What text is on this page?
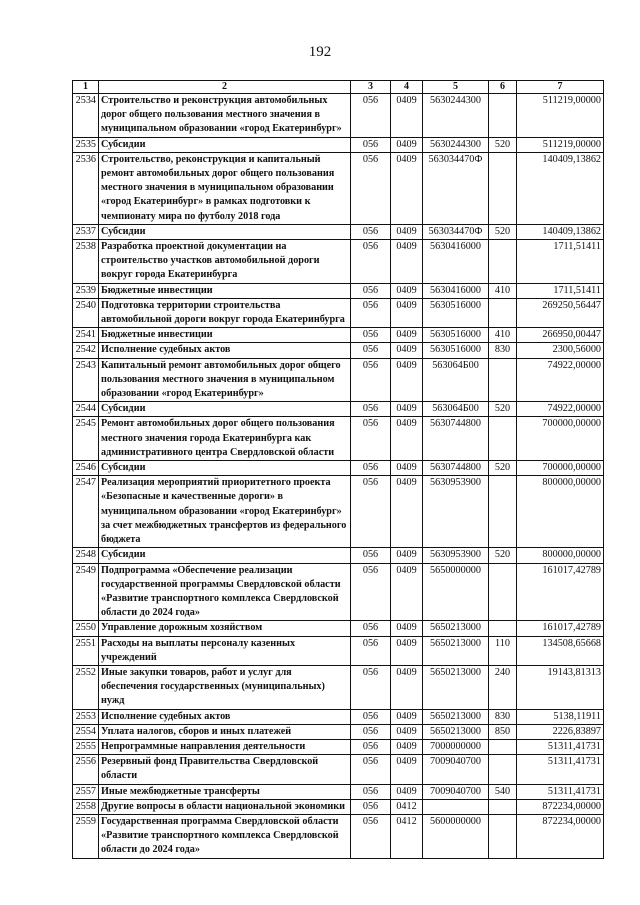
192
1	2	3	4	5	6	7
2534	Строительство и реконструкция автомобильных дорог общего пользования местного значения в муниципальном образовании «город Екатеринбург»	056	0409	5630244300		511219,00000
2535	Субсидии	056	0409	5630244300	520	511219,00000
2536	Строительство, реконструкция и капитальный ремонт автомобильных дорог общего пользования местного значения в муниципальном образовании «город Екатеринбург» в рамках подготовки к чемпионату мира по футболу 2018 года	056	0409	563034470Ф		140409,13862
2537	Субсидии	056	0409	563034470Ф	520	140409,13862
2538	Разработка проектной документации на строительство участков автомобильной дороги вокруг города Екатеринбурга	056	0409	5630416000		1711,51411
2539	Бюджетные инвестиции	056	0409	5630416000	410	1711,51411
2540	Подготовка территории строительства автомобильной дороги вокруг города Екатеринбурга	056	0409	5630516000		269250,56447
2541	Бюджетные инвестиции	056	0409	5630516000	410	266950,00447
2542	Исполнение судебных актов	056	0409	5630516000	830	2300,56000
2543	Капитальный ремонт автомобильных дорог общего пользования местного значения в муниципальном образовании «город Екатеринбург»	056	0409	563064Б00		74922,00000
2544	Субсидии	056	0409	563064Б00	520	74922,00000
2545	Ремонт автомобильных дорог общего пользования местного значения города Екатеринбурга как административного центра Свердловской области	056	0409	5630744800		700000,00000
2546	Субсидии	056	0409	5630744800	520	700000,00000
2547	Реализация мероприятий приоритетного проекта «Безопасные и качественные дороги» в муниципальном образовании «город Екатеринбург» за счет межбюджетных трансфертов из федерального бюджета	056	0409	5630953900		800000,00000
2548	Субсидии	056	0409	5630953900	520	800000,00000
2549	Подпрограмма «Обеспечение реализации государственной программы Свердловской области «Развитие транспортного комплекса Свердловской области до 2024 года»	056	0409	5650000000		161017,42789
2550	Управление дорожным хозяйством	056	0409	5650213000		161017,42789
2551	Расходы на выплаты персоналу казенных учреждений	056	0409	5650213000	110	134508,65668
2552	Иные закупки товаров, работ и услуг для обеспечения государственных (муниципальных) нужд	056	0409	5650213000	240	19143,81313
2553	Исполнение судебных актов	056	0409	5650213000	830	5138,11911
2554	Уплата налогов, сборов и иных платежей	056	0409	5650213000	850	2226,83897
2555	Непрограммные направления деятельности	056	0409	7000000000		51311,41731
2556	Резервный фонд Правительства Свердловской области	056	0409	7009040700		51311,41731
2557	Иные межбюджетные трансферты	056	0409	7009040700	540	51311,41731
2558	Другие вопросы в области национальной экономики	056	0412			872234,00000
2559	Государственная программа Свердловской области «Развитие транспортного комплекса Свердловской области до 2024 года»	056	0412	5600000000		872234,00000
